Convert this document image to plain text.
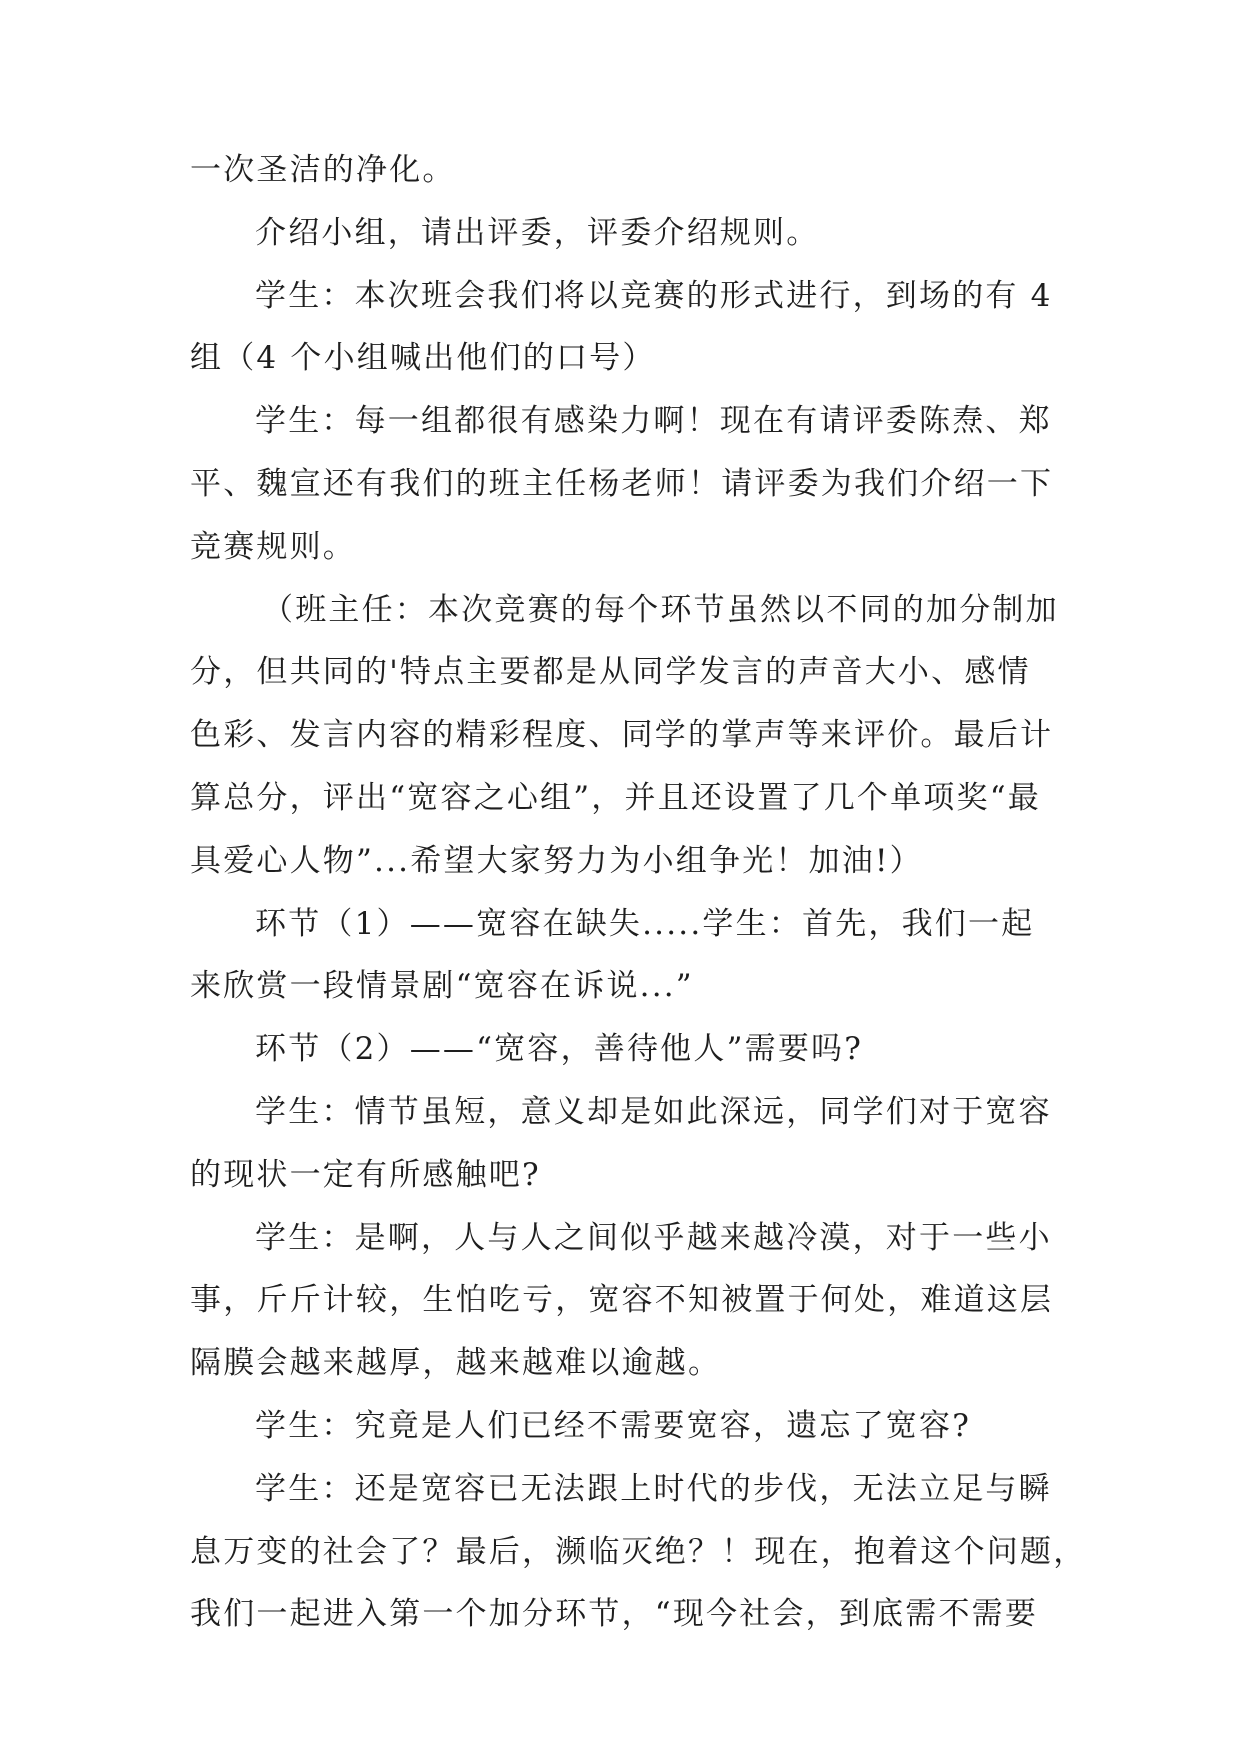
一次圣洁的净化。

介绍小组，请出评委，评委介绍规则。

学生：本次班会我们将以竞赛的形式进行，到场的有 4

组（4 个小组喊出他们的口号）

学生：每一组都很有感染力啊！现在有请评委陈焘、郑

平、魏宣还有我们的班主任杨老师！请评委为我们介绍一下

竞赛规则。

（班主任：本次竞赛的每个环节虽然以不同的加分制加

分，但共同的'特点主要都是从同学发言的声音大小、感情

色彩、发言内容的精彩程度、同学的掌声等来评价。最后计

算总分，评出“宽容之心组”，并且还设置了几个单项奖“最

具爱心人物”...希望大家努力为小组争光！加油!）

环节（1）——宽容在缺失.....学生：首先，我们一起

来欣赏一段情景剧“宽容在诉说...”

环节（2）——“宽容，善待他人”需要吗?

学生：情节虽短，意义却是如此深远，同学们对于宽容

的现状一定有所感触吧?

学生：是啊，人与人之间似乎越来越冷漠，对于一些小

事，斤斤计较，生怕吃亏，宽容不知被置于何处，难道这层

隔膜会越来越厚，越来越难以逾越。

学生：究竟是人们已经不需要宽容，遗忘了宽容?

学生：还是宽容已无法跟上时代的步伐，无法立足与瞬

息万变的社会了？最后，濒临灭绝？！现在，抱着这个问题，

我们一起进入第一个加分环节，“现今社会，到底需不需要
